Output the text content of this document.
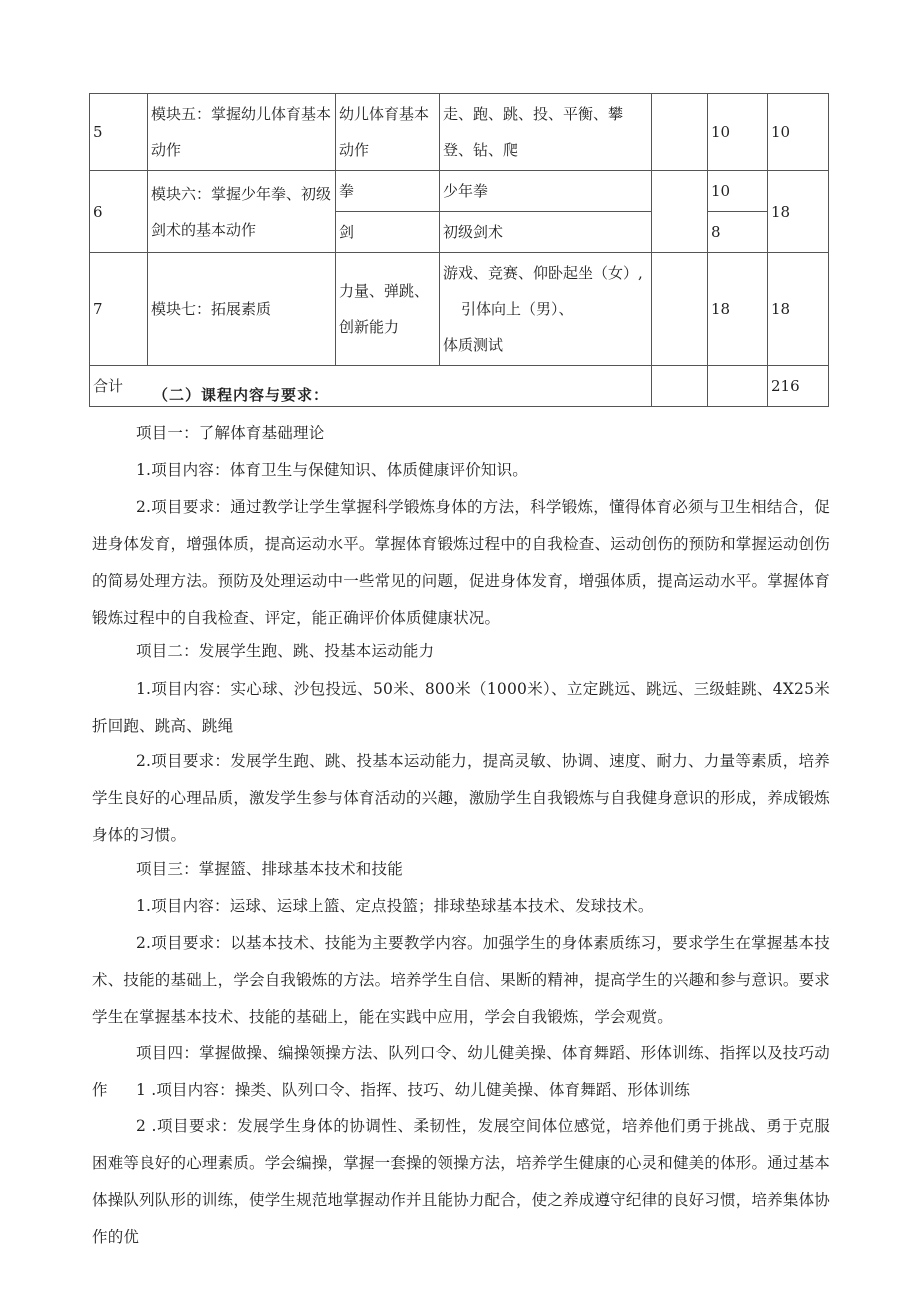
5	模块五：掌握幼儿体育基本动作	幼儿体育基本动作	走、跑、跳、投、平衡、攀登、钻、爬		10	10
6	模块六：掌握少年拳、初级剑术的基本动作	拳	少年拳		10	18
		剑	初级剑术		8	
7	模块七：拓展素质	力量、弹跳、创新能力	游戏、竞赛、仰卧起坐（女）,
引体向上（男）、
体质测试		18	18
合计						216
（二）课程内容与要求：

项目一：了解体育基础理论

1.项目内容：体育卫生与保健知识、体质健康评价知识。

2.项目要求：通过教学让学生掌握科学锻炼身体的方法，科学锻炼，懂得体育必须与卫生相结合，促进身体发育，增强体质，提高运动水平。掌握体育锻炼过程中的自我检查、运动创伤的预防和掌握运动创伤的简易处理方法。预防及处理运动中一些常见的问题，促进身体发育，增强体质，提高运动水平。掌握体育锻炼过程中的自我检查、评定，能正确评价体质健康状况。

项目二：发展学生跑、跳、投基本运动能力

1.项目内容：实心球、沙包投远、50米、800米（1000米）、立定跳远、跳远、三级蛙跳、4X25米折回跑、跳高、跳绳

2.项目要求：发展学生跑、跳、投基本运动能力，提高灵敏、协调、速度、耐力、力量等素质，培养学生良好的心理品质，激发学生参与体育活动的兴趣，激励学生自我锻炼与自我健身意识的形成，养成锻炼身体的习惯。

项目三：掌握篮、排球基本技术和技能

1.项目内容：运球、运球上篮、定点投篮；排球垫球基本技术、发球技术。

2.项目要求：以基本技术、技能为主要教学内容。加强学生的身体素质练习，要求学生在掌握基本技术、技能的基础上，学会自我锻炼的方法。培养学生自信、果断的精神，提高学生的兴趣和参与意识。要求学生在掌握基本技术、技能的基础上，能在实践中应用，学会自我锻炼，学会观赏。

项目四：掌握做操、编操领操方法、队列口令、幼儿健美操、体育舞蹈、形体训练、指挥以及技巧动作	1 .项目内容：操类、队列口令、指挥、技巧、幼儿健美操、体育舞蹈、形体训练

2 .项目要求：发展学生身体的协调性、柔韧性，发展空间体位感觉，培养他们勇于挑战、勇于克服困难等良好的心理素质。学会编操，掌握一套操的领操方法，培养学生健康的心灵和健美的体形。通过基本体操队列队形的训练，使学生规范地掌握动作并且能协力配合，使之养成遵守纪律的良好习惯，培养集体协作的优
